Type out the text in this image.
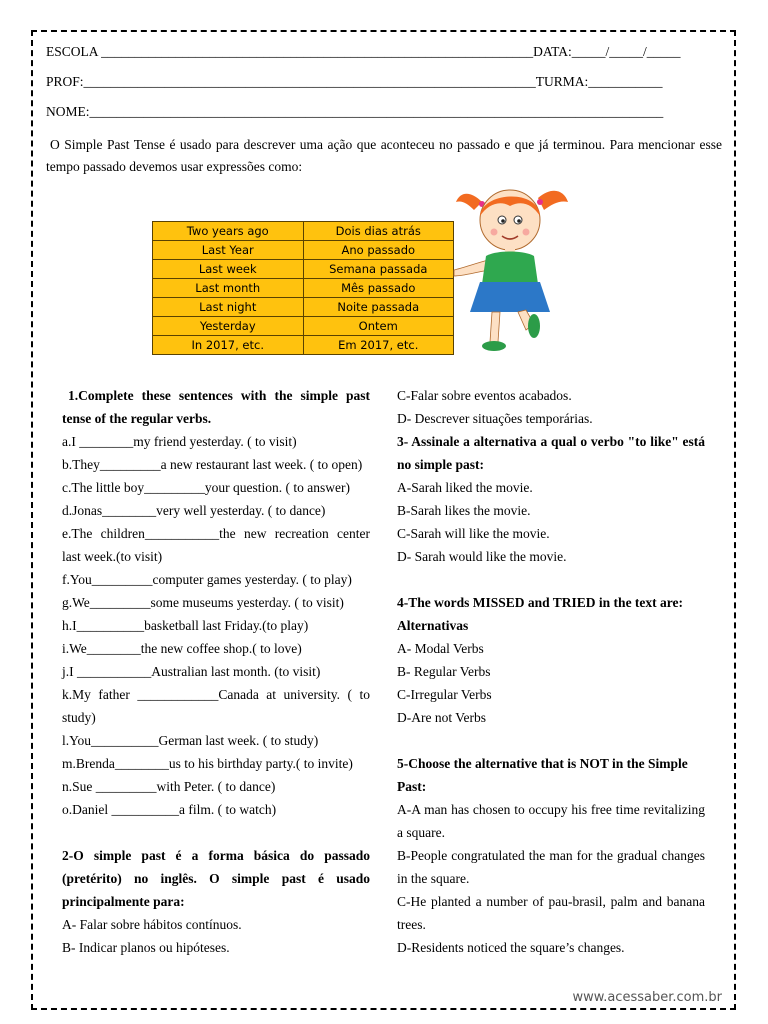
ESCOLA ________________________________________________________________DATA:_____/_____/_____
PROF:___________________________________________________________________TURMA:___________
NOME:_____________________________________________________________________________________
O Simple Past Tense é usado para descrever uma ação que aconteceu no passado e que já terminou. Para mencionar esse tempo passado devemos usar expressões como:
Two years ago	Dois dias atrás
Last Year	Ano passado
Last week	Semana passada
Last month	Mês passado
Last night	Noite passada
Yesterday	Ontem
In 2017, etc.	Em 2017, etc.

1.Complete these sentences with the simple past tense of the regular verbs.

a.I ________my friend yesterday. ( to visit)

b.They_________a new restaurant last week. ( to open)

c.The little boy_________your question. ( to answer)

d.Jonas________very well yesterday. ( to dance)

e.The children___________the new recreation center last week.(to visit)

f.You_________computer games yesterday. ( to play)

g.We_________some museums yesterday. ( to visit)

h.I__________basketball last Friday.(to play)

i.We________the new coffee shop.( to love)

j.I ___________Australian last month. (to visit)

k.My father ____________Canada at university. ( to study)

l.You__________German last week. ( to study)

m.Brenda________us to his birthday party.( to invite)

n.Sue _________with Peter. ( to dance)

o.Daniel __________a film. ( to watch)

2-O simple past é a forma básica do passado (pretérito) no inglês. O simple past é usado principalmente para:

A- Falar sobre hábitos contínuos.

B- Indicar planos ou hipóteses.

C-Falar sobre eventos acabados.

D- Descrever situações temporárias.

3- Assinale a alternativa a qual o verbo "to like" está no simple past:

A-Sarah liked the movie.

B-Sarah likes the movie.

C-Sarah will like the movie.

D- Sarah would like the movie.

4-The words MISSED and TRIED in the text are: Alternativas

A- Modal Verbs

B- Regular Verbs

C-Irregular Verbs

D-Are not Verbs

5-Choose the alternative that is NOT in the Simple Past:

A-A man has chosen to occupy his free time revitalizing a square.

B-People congratulated the man for the gradual changes in the square.

C-He planted a number of pau-brasil, palm and banana trees.

D-Residents noticed the square’s changes.

www.acessaber.com.br
